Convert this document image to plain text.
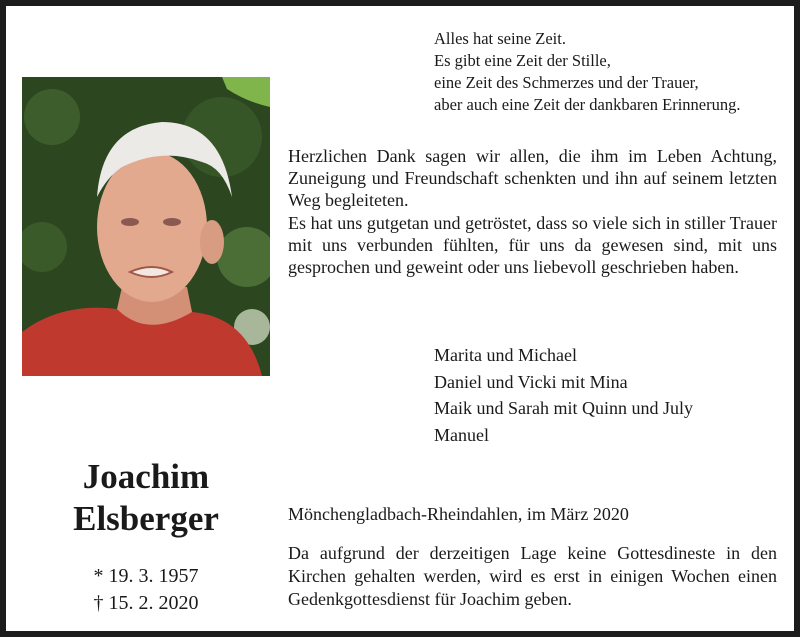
Alles hat seine Zeit.
Es gibt eine Zeit der Stille,
eine Zeit des Schmerzes und der Trauer,
aber auch eine Zeit der dankbaren Erinnerung.

Herzlichen Dank sagen wir allen, die ihm im Leben Achtung, Zuneigung und Freundschaft schenkten und ihn auf seinem letzten Weg begleiteten.

Es hat uns gutgetan und getröstet, dass so viele sich in stiller Trauer mit uns verbunden fühlten, für uns da gewesen sind, mit uns gesprochen und geweint oder uns liebevoll geschrieben haben.

Marita und Michael
Daniel und Vicki mit Mina
Maik und Sarah mit Quinn und July
Manuel
Joachim
Elsberger
* 19. 3. 1957
† 15. 2. 2020
Mönchengladbach-Rheindahlen, im März 2020

Da aufgrund der derzeitigen Lage keine Gottesdineste in den Kirchen gehalten werden, wird es erst in einigen Wochen einen Gedenkgottesdienst für Joachim geben.
